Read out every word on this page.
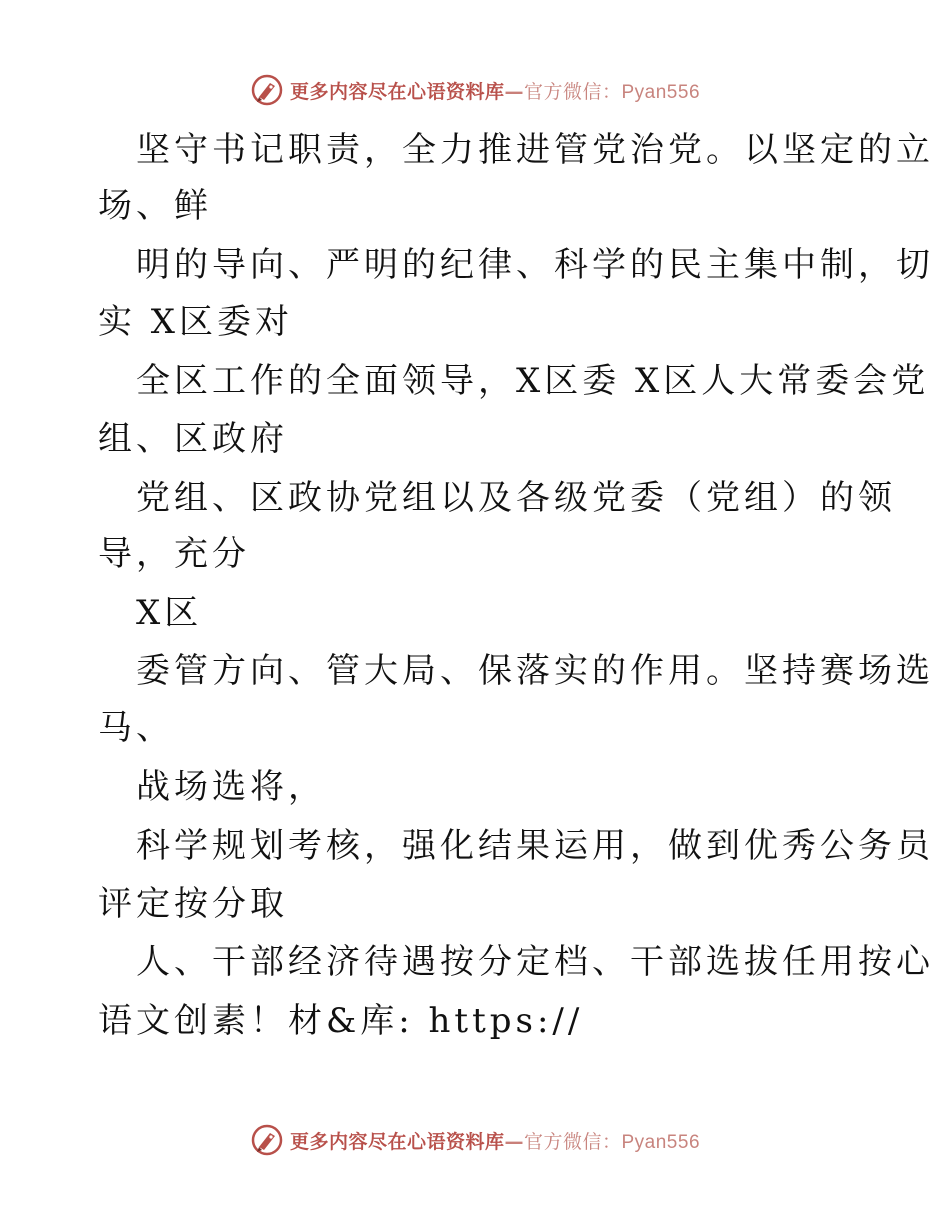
更多内容尽在心语资料库—官方微信：Pyan556
坚守书记职责，全力推进管党治党。以坚定的立
场、鲜
明的导向、严明的纪律、科学的民主集中制，切
实 X区委对
全区工作的全面领导，X区委 X区人大常委会党
组、区政府
党组、区政协党组以及各级党委（党组）的领
导，充分
X区
委管方向、管大局、保落实的作用。坚持赛场选
马、
战场选将，
科学规划考核，强化结果运用，做到优秀公务员
评定按分取
人、干部经济待遇按分定档、干部选拔任用按心
语文创素！材&库: https://
更多内容尽在心语资料库—官方微信：Pyan556
